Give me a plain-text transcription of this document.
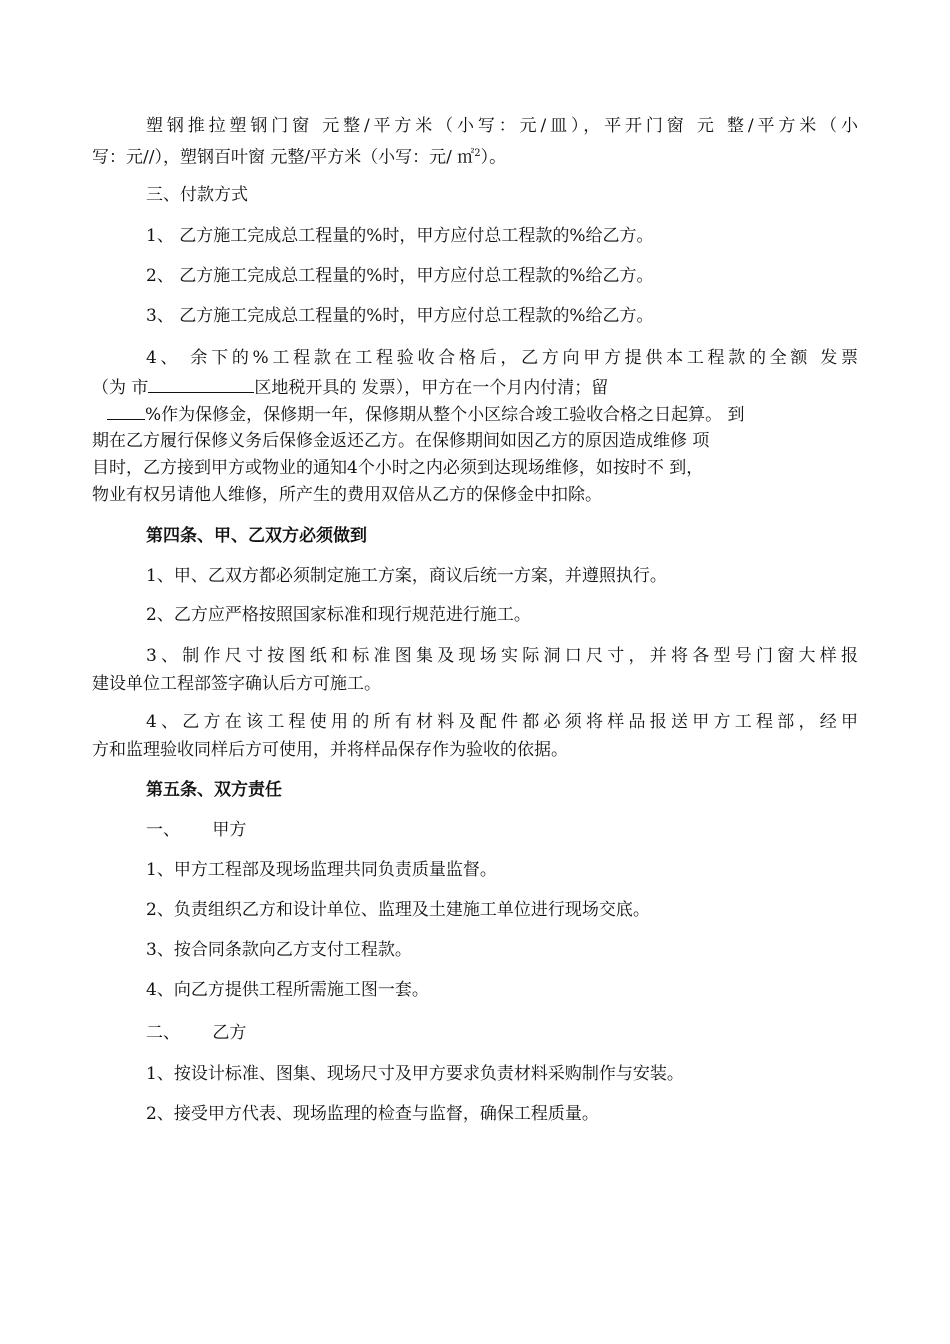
塑钢推拉塑钢门窗 元整/平方米（小写：元/皿），平开门窗 元 整/平方米（小
写：元//），塑钢百叶窗 元整/平方米（小写：元/ ㎡$^2$）。
三、付款方式
1、 乙方施工完成总工程量的%时，甲方应付总工程款的%给乙方。
2、 乙方施工完成总工程量的%时，甲方应付总工程款的%给乙方。
3、 乙方施工完成总工程量的%时，甲方应付总工程款的%给乙方。
4、 余下的%工程款在工程验收合格后，乙方向甲方提供本工程款的全额 发票
（为 市	区地税开具的 发票），甲方在一个月内付清；留
%作为保修金，保修期一年，保修期从整个小区综合竣工验收合格之日起算。 到
期在乙方履行保修义务后保修金返还乙方。在保修期间如因乙方的原因造成维修 项
目时，乙方接到甲方或物业的通知4个小时之内必须到达现场维修，如按时不 到，
物业有权另请他人维修，所产生的费用双倍从乙方的保修金中扣除。
第四条、甲、乙双方必须做到
1、甲、乙双方都必须制定施工方案，商议后统一方案，并遵照执行。
2、乙方应严格按照国家标准和现行规范进行施工。
3、制作尺寸按图纸和标准图集及现场实际洞口尺寸，并将各型号门窗大样报
建设单位工程部签字确认后方可施工。
4、乙方在该工程使用的所有材料及配件都必须将样品报送甲方工程部，经甲
方和监理验收同样后方可使用，并将样品保存作为验收的依据。
第五条、双方责任
一、      甲方
1、甲方工程部及现场监理共同负责质量监督。
2、负责组织乙方和设计单位、监理及土建施工单位进行现场交底。
3、按合同条款向乙方支付工程款。
4、向乙方提供工程所需施工图一套。
二、      乙方
1、按设计标准、图集、现场尺寸及甲方要求负责材料采购制作与安装。
2、接受甲方代表、现场监理的检查与监督，确保工程质量。
